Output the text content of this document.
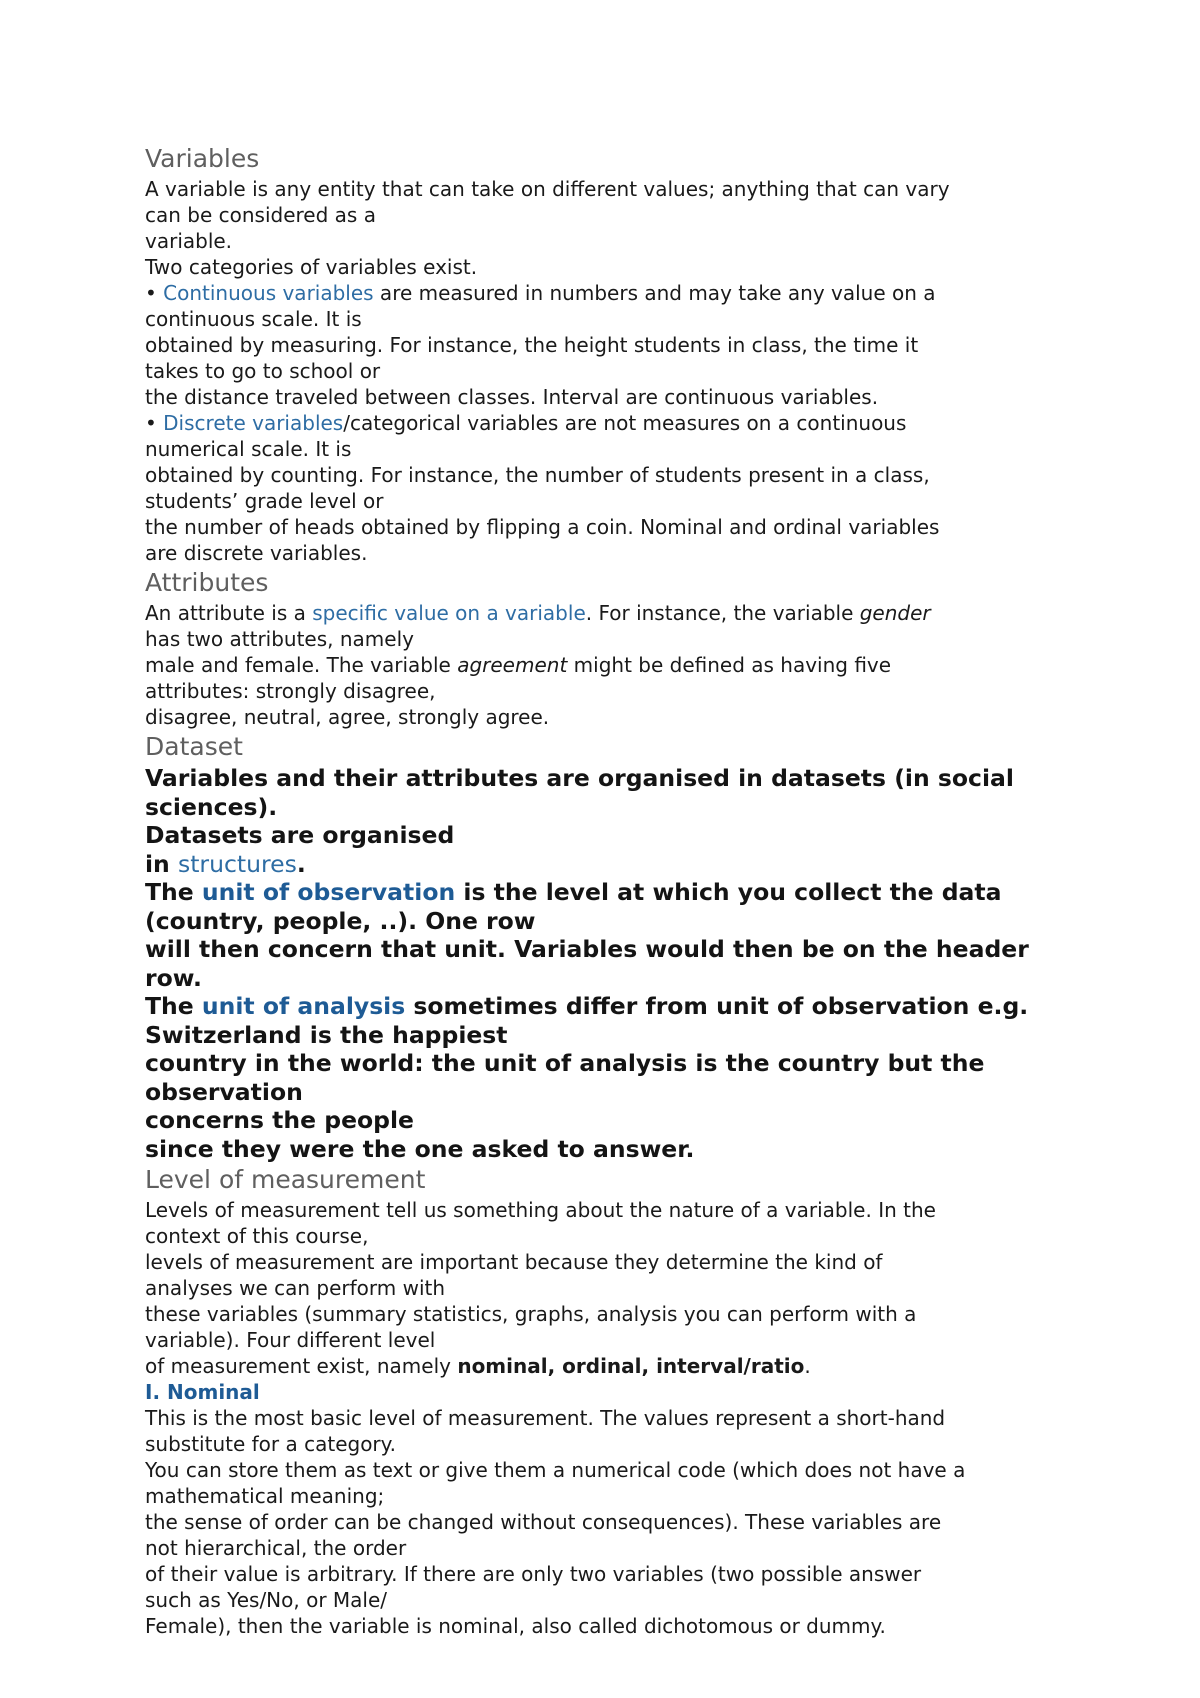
Variables
A variable is any entity that can take on different values; anything that can vary
can be considered as a
variable.
Two categories of variables exist.
• Continuous variables are measured in numbers and may take any value on a
continuous scale. It is
obtained by measuring. For instance, the height students in class, the time it
takes to go to school or
the distance traveled between classes. Interval are continuous variables.
• Discrete variables/categorical variables are not measures on a continuous
numerical scale. It is
obtained by counting. For instance, the number of students present in a class,
students’ grade level or
the number of heads obtained by flipping a coin. Nominal and ordinal variables
are discrete variables.
Attributes
An attribute is a specific value on a variable. For instance, the variable gender
has two attributes, namely
male and female. The variable agreement might be defined as having five
attributes: strongly disagree,
disagree, neutral, agree, strongly agree.
Dataset
Variables and their attributes are organised in datasets (in social sciences).
Datasets are organised
in structures.
The unit of observation is the level at which you collect the data
(country, people, ..). One row
will then concern that unit. Variables would then be on the header row.
The unit of analysis sometimes differ from unit of observation e.g.
Switzerland is the happiest
country in the world: the unit of analysis is the country but the observation
concerns the people
since they were the one asked to answer.
Level of measurement
Levels of measurement tell us something about the nature of a variable. In the
context of this course,
levels of measurement are important because they determine the kind of
analyses we can perform with
these variables (summary statistics, graphs, analysis you can perform with a
variable). Four different level
of measurement exist, namely nominal, ordinal, interval/ratio.
I. Nominal
This is the most basic level of measurement. The values represent a short-hand
substitute for a category.
You can store them as text or give them a numerical code (which does not have a
mathematical meaning;
the sense of order can be changed without consequences). These variables are
not hierarchical, the order
of their value is arbitrary. If there are only two variables (two possible answer
such as Yes/No, or Male/
Female), then the variable is nominal, also called dichotomous or dummy.
